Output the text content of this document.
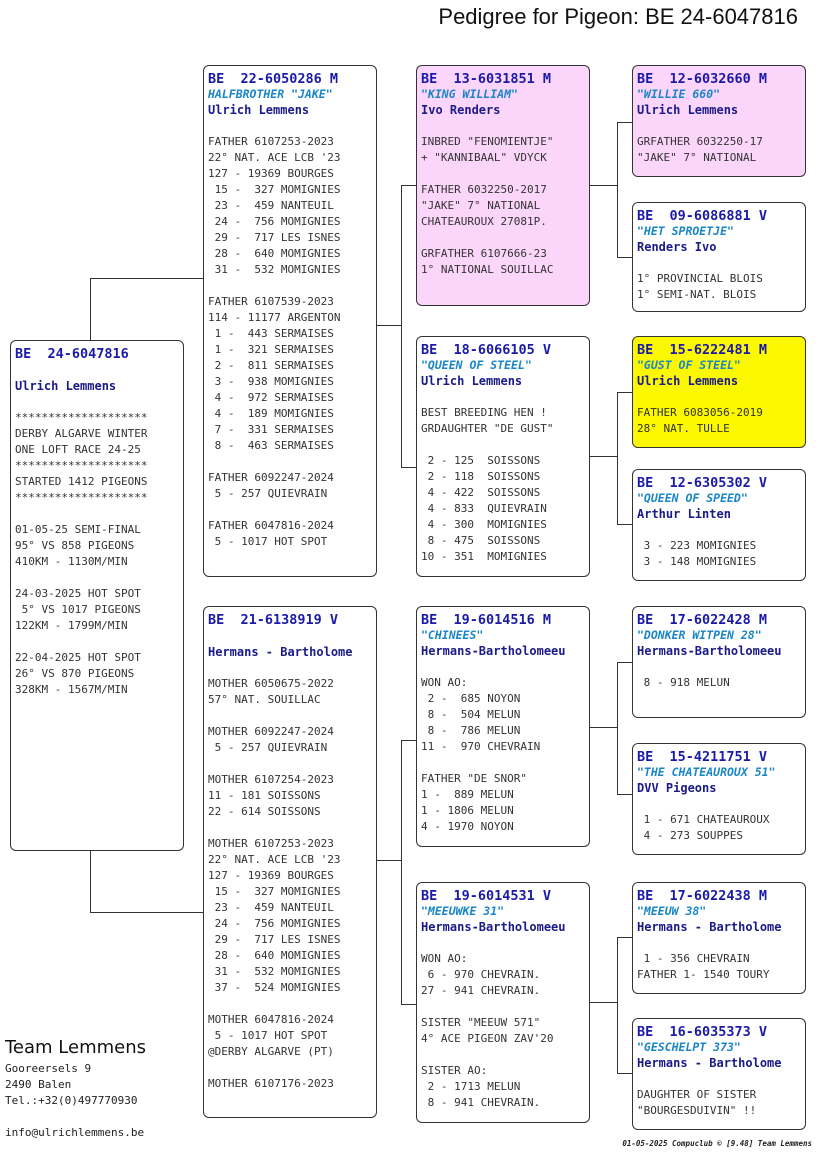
Pedigree for Pigeon: BE 24-6047816
BE  24-6047816
Ulrich Lemmens

********************
DERBY ALGARVE WINTER
ONE LOFT RACE 24-25
********************
STARTED 1412 PIGEONS
********************

01-05-25 SEMI-FINAL
95° VS 858 PIGEONS
410KM - 1130M/MIN

24-03-2025 HOT SPOT
5° VS 1017 PIGEONS
122KM - 1799M/MIN

22-04-2025 HOT SPOT
26° VS 870 PIGEONS
328KM - 1567M/MIN
BE  22-6050286 M
HALFBROTHER "JAKE"
Ulrich Lemmens

FATHER 6107253-2023
22° NAT. ACE LCB '23
127 - 19369 BOURGES
15 -  327 MOMIGNIES
23 -  459 NANTEUIL
24 -  756 MOMIGNIES
29 -  717 LES ISNES
28 -  640 MOMIGNIES
31 -  532 MOMIGNIES

FATHER 6107539-2023
114 - 11177 ARGENTON
1 -  443 SERMAISES
1 -  321 SERMAISES
2 -  811 SERMAISES
3 -  938 MOMIGNIES
4 -  972 SERMAISES
4 -  189 MOMIGNIES
7 -  331 SERMAISES
8 -  463 SERMAISES

FATHER 6092247-2024
5 - 257 QUIEVRAIN

FATHER 6047816-2024
5 - 1017 HOT SPOT
BE  21-6138919 V
Hermans - Bartholome

MOTHER 6050675-2022
57° NAT. SOUILLAC

MOTHER 6092247-2024
5 - 257 QUIEVRAIN

MOTHER 6107254-2023
11 - 181 SOISSONS
22 - 614 SOISSONS

MOTHER 6107253-2023
22° NAT. ACE LCB '23
127 - 19369 BOURGES
15 -  327 MOMIGNIES
23 -  459 NANTEUIL
24 -  756 MOMIGNIES
29 -  717 LES ISNES
28 -  640 MOMIGNIES
31 -  532 MOMIGNIES
37 -  524 MOMIGNIES

MOTHER 6047816-2024
5 - 1017 HOT SPOT
@DERBY ALGARVE (PT)

MOTHER 6107176-2023
BE  13-6031851 M
"KING WILLIAM"
Ivo Renders

INBRED "FENOMIENTJE"
+ "KANNIBAAL" VDYCK

FATHER 6032250-2017
"JAKE" 7° NATIONAL
CHATEAUROUX 27081P.

GRFATHER 6107666-23
1° NATIONAL SOUILLAC
BE  18-6066105 V
"QUEEN OF STEEL"
Ulrich Lemmens

BEST BREEDING HEN !
GRDAUGHTER "DE GUST"

2 - 125  SOISSONS
2 - 118  SOISSONS
4 - 422  SOISSONS
4 - 833  QUIEVRAIN
4 - 300  MOMIGNIES
8 - 475  SOISSONS
10 - 351  MOMIGNIES
BE  19-6014516 M
"CHINEES"
Hermans-Bartholomeeu

WON AO:
2 -  685 NOYON
8 -  504 MELUN
8 -  786 MELUN
11 -  970 CHEVRAIN

FATHER "DE SNOR"
1 -  889 MELUN
1 - 1806 MELUN
4 - 1970 NOYON
BE  19-6014531 V
"MEEUWKE 31"
Hermans-Bartholomeeu

WON AO:
6 - 970 CHEVRAIN.
27 - 941 CHEVRAIN.

SISTER "MEEUW 571"
4° ACE PIGEON ZAV'20

SISTER AO:
2 - 1713 MELUN
8 - 941 CHEVRAIN.
BE  12-6032660 M
"WILLIE 660"
Ulrich Lemmens

GRFATHER 6032250-17
"JAKE" 7° NATIONAL
BE  09-6086881 V
"HET SPROETJE"
Renders Ivo

1° PROVINCIAL BLOIS
1° SEMI-NAT. BLOIS
BE  15-6222481 M
"GUST OF STEEL"
Ulrich Lemmens

FATHER 6083056-2019
28° NAT. TULLE
BE  12-6305302 V
"QUEEN OF SPEED"
Arthur Linten

3 - 223 MOMIGNIES
3 - 148 MOMIGNIES
BE  17-6022428 M
"DONKER WITPEN 28"
Hermans-Bartholomeeu

8 - 918 MELUN
BE  15-4211751 V
"THE CHATEAUROUX 51"
DVV Pigeons

1 - 671 CHATEAUROUX
4 - 273 SOUPPES
BE  17-6022438 M
"MEEUW 38"
Hermans - Bartholome

1 - 356 CHEVRAIN
FATHER 1- 1540 TOURY
BE  16-6035373 V
"GESCHELPT 373"
Hermans - Bartholome

DAUGHTER OF SISTER
"BOURGESDUIVIN" !!
Team Lemmens
Gooreersels 9
2490 Balen
Tel.:+32(0)497770930
info@ulrichlemmens.be
01-05-2025 Compuclub © [9.48] Team Lemmens
